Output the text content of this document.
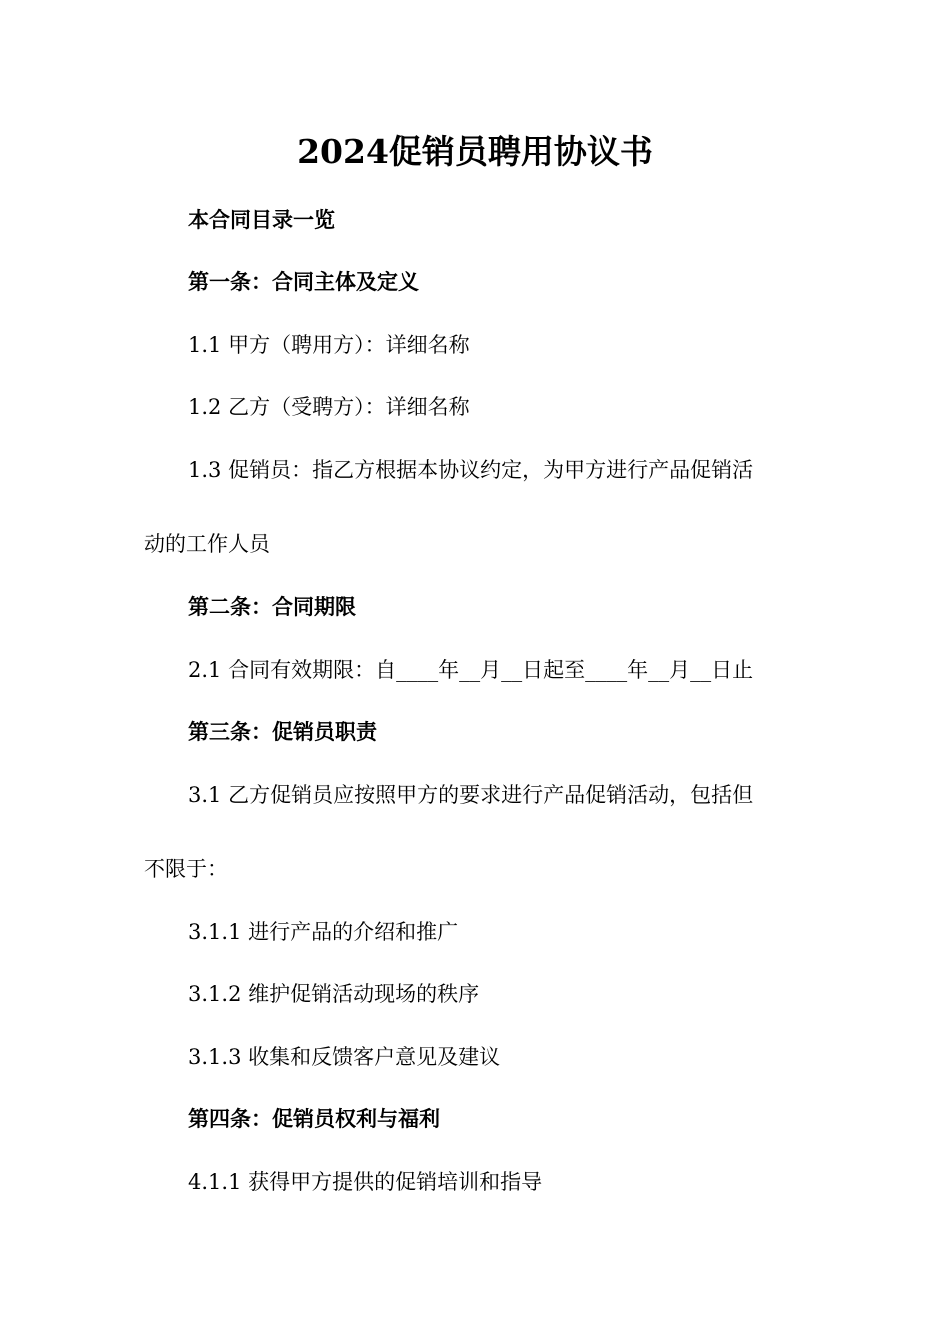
2024促销员聘用协议书

本合同目录一览

第一条：合同主体及定义

1.1 甲方（聘用方）：详细名称

1.2 乙方（受聘方）：详细名称

1.3 促销员：指乙方根据本协议约定，为甲方进行产品促销活

动的工作人员

第二条：合同期限

2.1 合同有效期限：自____年__月__日起至____年__月__日止

第三条：促销员职责

3.1 乙方促销员应按照甲方的要求进行产品促销活动，包括但

不限于：

3.1.1 进行产品的介绍和推广

3.1.2 维护促销活动现场的秩序

3.1.3 收集和反馈客户意见及建议

第四条：促销员权利与福利

4.1.1 获得甲方提供的促销培训和指导
